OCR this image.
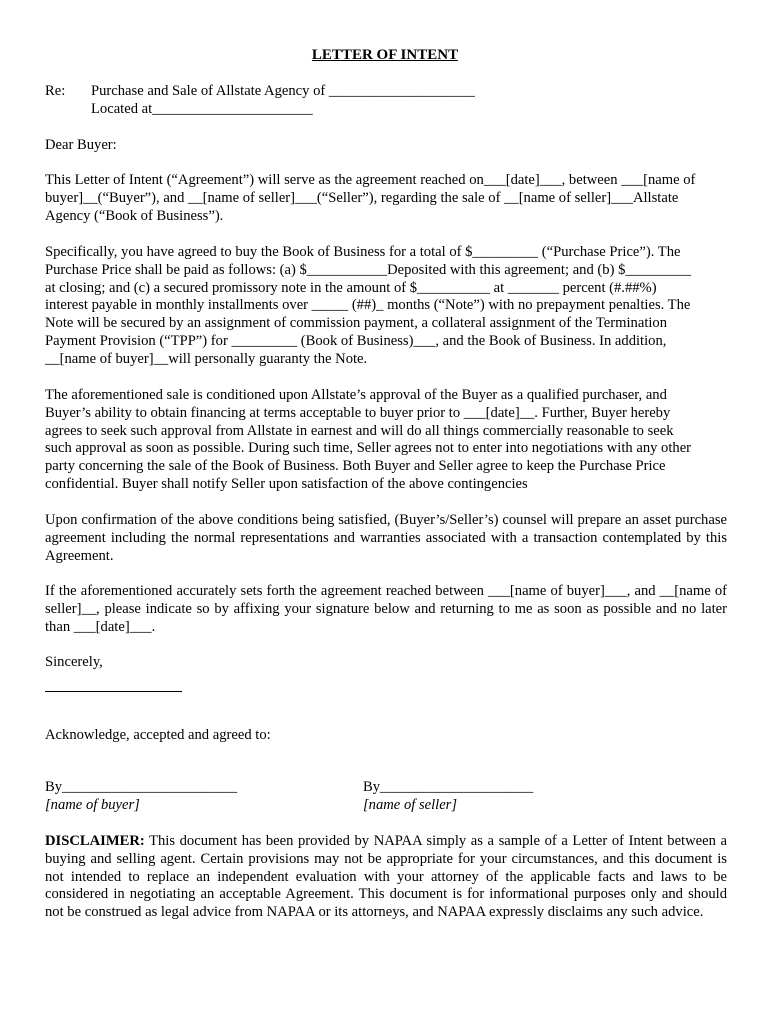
LETTER OF INTENT
Re: Purchase and Sale of Allstate Agency of ____________________
Located at______________________
Dear Buyer:
This Letter of Intent (“Agreement”) will serve as the agreement reached on___[date]___, between ___[name of
buyer]__(“Buyer”), and __[name of seller]___(“Seller”), regarding the sale of __[name of seller]___Allstate
Agency (“Book of Business”).
Specifically, you have agreed to buy the Book of Business for a total of $_________ (“Purchase Price”). The
Purchase Price shall be paid as follows: (a) $___________Deposited with this agreement; and (b) $_________
at closing; and (c) a secured promissory note in the amount of $__________ at _______ percent (#.##%)
interest payable in monthly installments over _____ (##)_ months (“Note”) with no prepayment penalties. The
Note will be secured by an assignment of commission payment, a collateral assignment of the Termination
Payment Provision (“TPP”) for _________ (Book of Business)___, and the Book of Business. In addition,
__[name of buyer]__will personally guaranty the Note.
The aforementioned sale is conditioned upon Allstate’s approval of the Buyer as a qualified purchaser, and
Buyer’s ability to obtain financing at terms acceptable to buyer prior to ___[date]__. Further, Buyer hereby
agrees to seek such approval from Allstate in earnest and will do all things commercially reasonable to seek
such approval as soon as possible. During such time, Seller agrees not to enter into negotiations with any other
party concerning the sale of the Book of Business. Both Buyer and Seller agree to keep the Purchase Price
confidential. Buyer shall notify Seller upon satisfaction of the above contingencies
Upon confirmation of the above conditions being satisfied, (Buyer’s/Seller’s) counsel will prepare an asset purchase agreement including the normal representations and warranties associated with a transaction contemplated by this Agreement.
If the aforementioned accurately sets forth the agreement reached between ___[name of buyer]___, and __[name of seller]__, please indicate so by affixing your signature below and returning to me as soon as possible and no later than ___[date]___.
Sincerely,
Acknowledge, accepted and agreed to:
By________________________
[name of buyer]
By_____________________
[name of seller]
DISCLAIMER: This document has been provided by NAPAA simply as a sample of a Letter of Intent between a buying and selling agent. Certain provisions may not be appropriate for your circumstances, and this document is not intended to replace an independent evaluation with your attorney of the applicable facts and laws to be considered in negotiating an acceptable Agreement. This document is for informational purposes only and should not be construed as legal advice from NAPAA or its attorneys, and NAPAA expressly disclaims any such advice.
